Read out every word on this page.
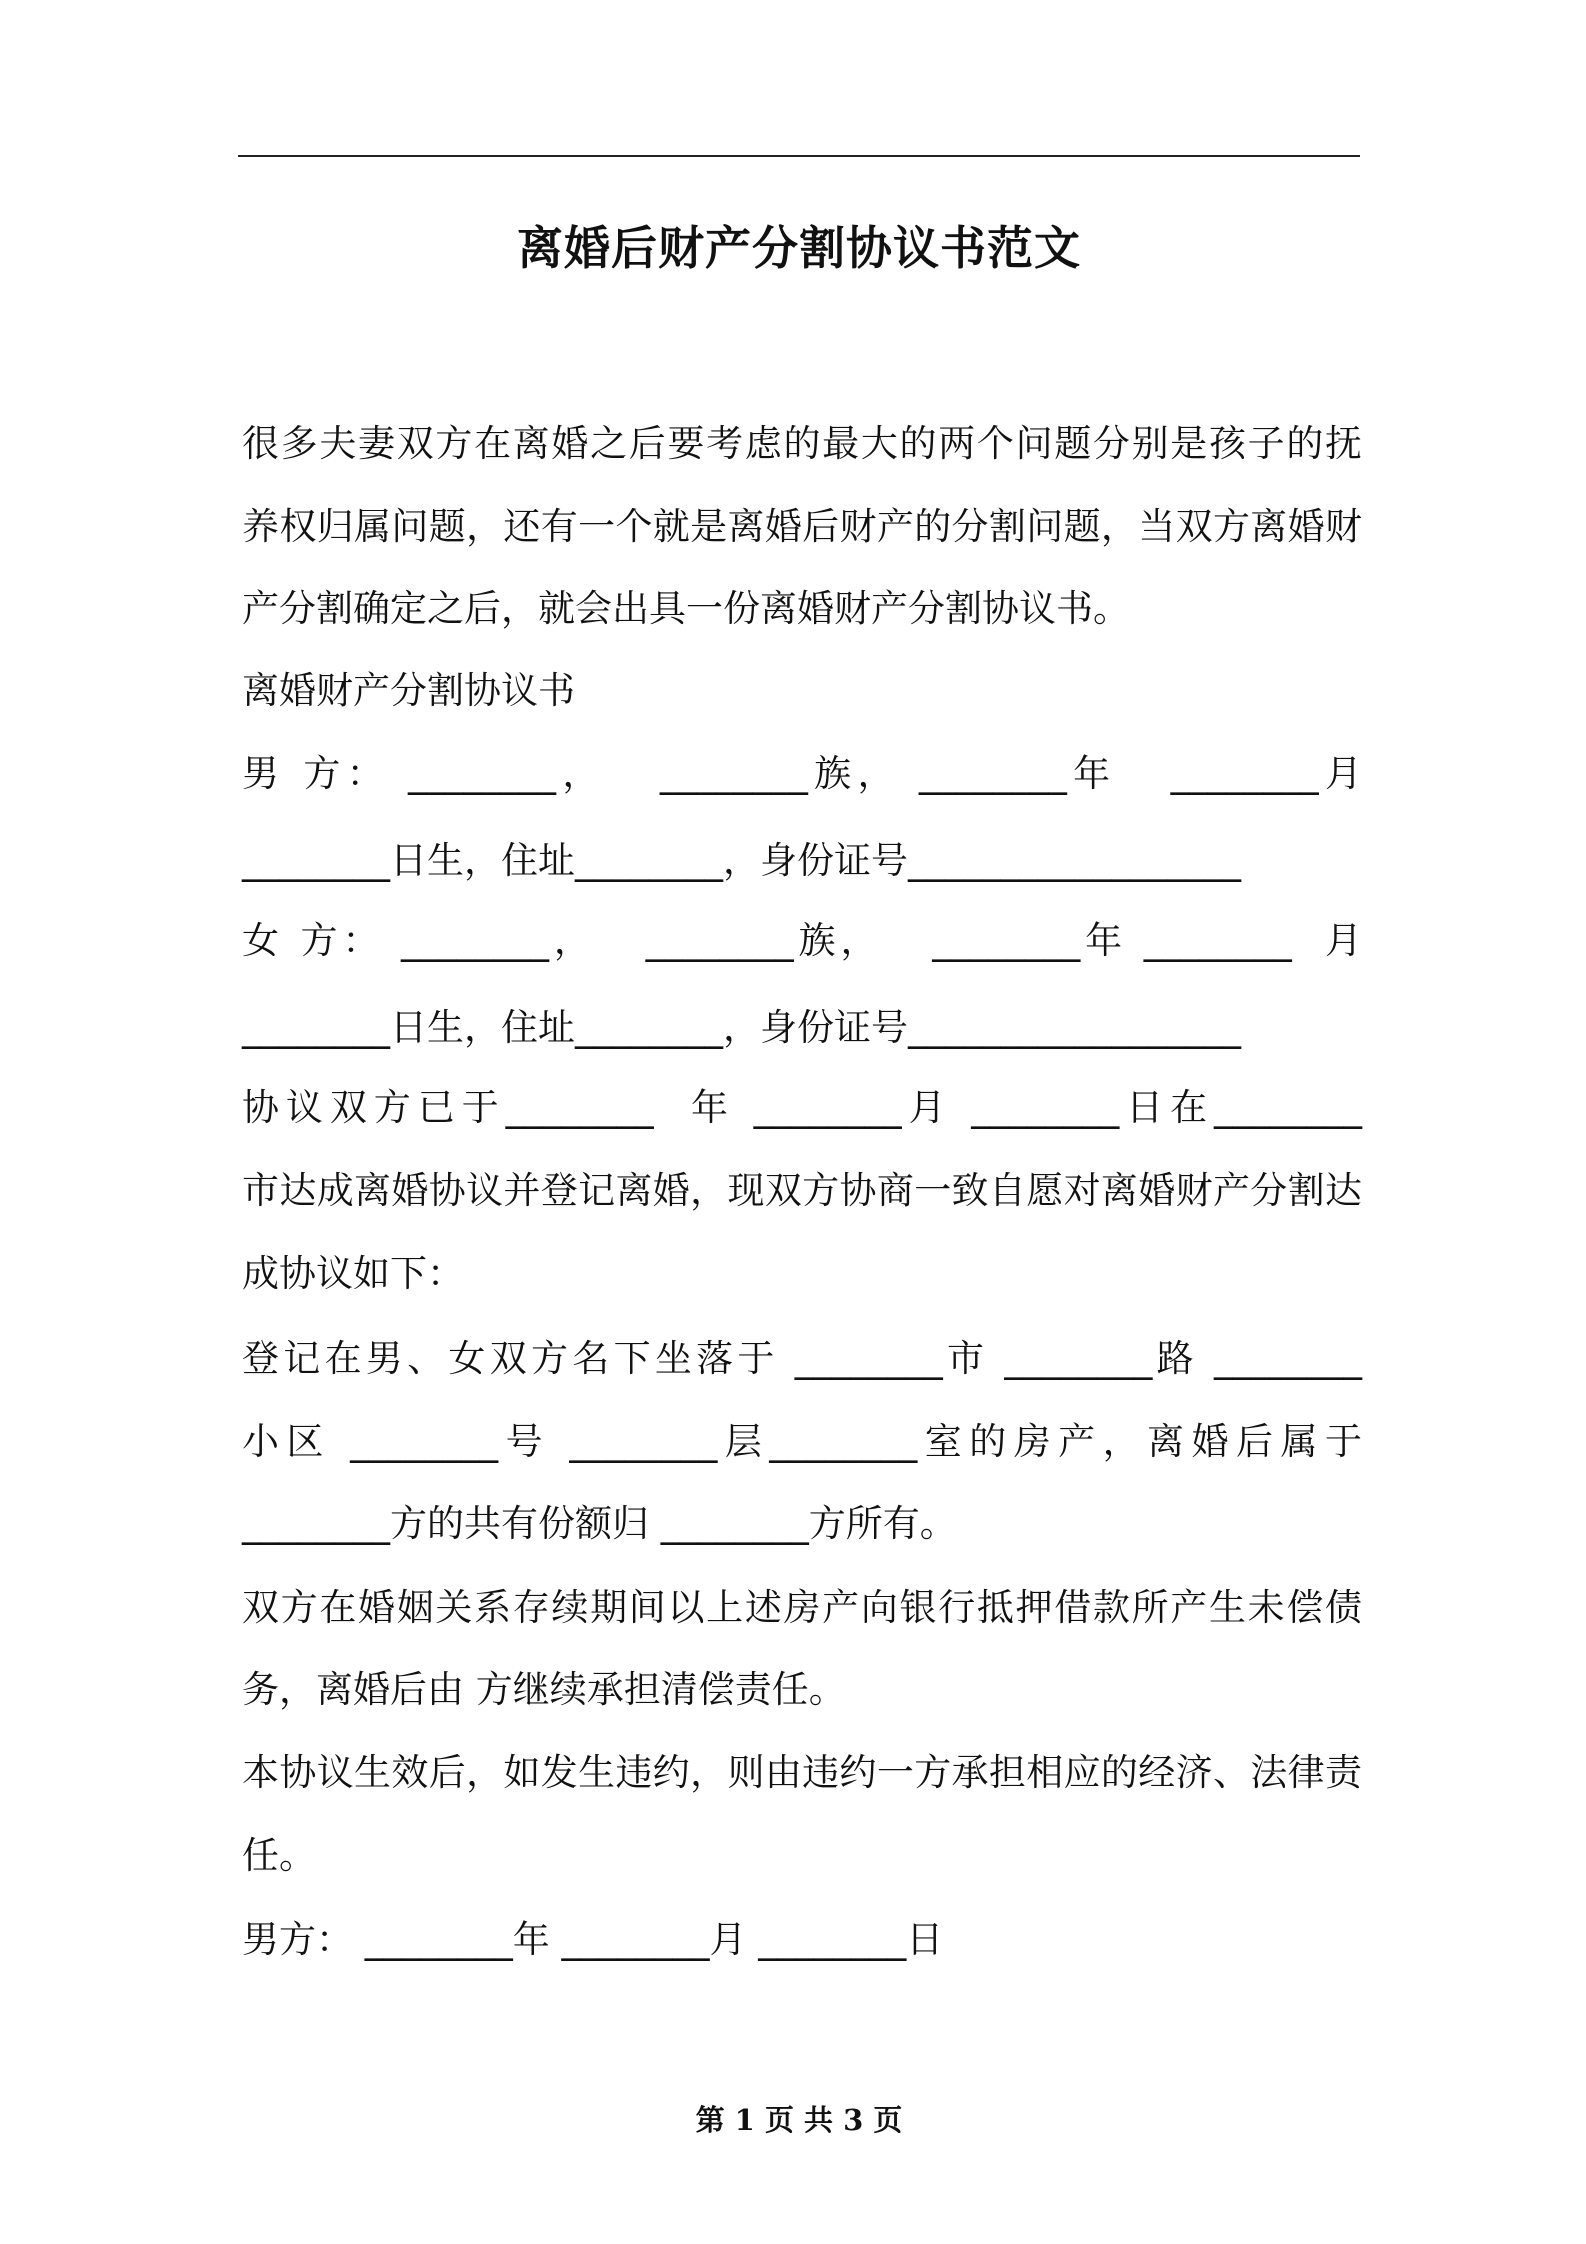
离婚后财产分割协议书范文

很多夫妻双方在离婚之后要考虑的最大的两个问题分别是孩子的抚

养权归属问题，还有一个就是离婚后财产的分割问题，当双方离婚财

产分割确定之后，就会出具一份离婚财产分割协议书。

离婚财产分割协议书

男 方： ________，   ________族， ________年   ________月

________日生，住址________，身份证号__________________

女 方： ________，   ________族，   ________年 ________  月

________日生，住址________，身份证号__________________

协议双方已于________  年 ________月 ________日在________

市达成离婚协议并登记离婚，现双方协商一致自愿对离婚财产分割达

成协议如下：

登记在男、女双方名下坐落于 ________市 ________路 ________

小区 ________号 ________层________室的房产，离婚后属于

________方的共有份额归 ________方所有。

双方在婚姻关系存续期间以上述房产向银行抵押借款所产生未偿债

务，离婚后由 方继续承担清偿责任。

本协议生效后，如发生违约，则由违约一方承担相应的经济、法律责

任。

男方： ________年 ________月 ________日

第 1 页 共 3 页
